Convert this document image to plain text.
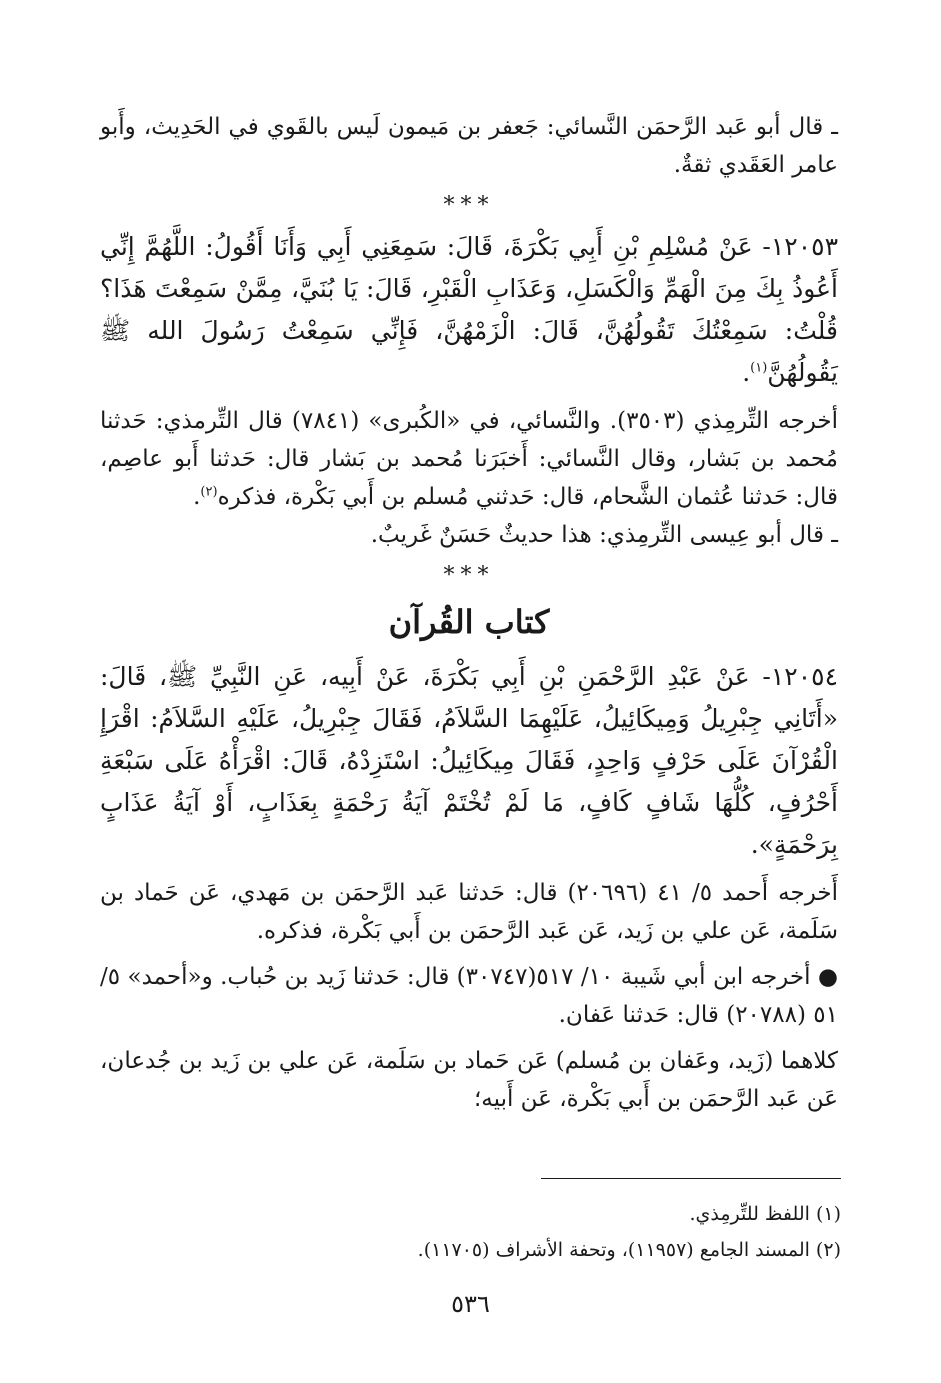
ـ قال أبو عَبد الرَّحمَن النَّسائي: جَعفر بن مَيمون لَيس بالقَوي في الحَدِيث، وأَبو عامر العَقَدي ثقةٌ.

***

١٢٠٥٣- عَنْ مُسْلِمِ بْنِ أَبِي بَكْرَةَ، قَالَ: سَمِعَنِي أَبِي وَأَنَا أَقُولُ: اللَّهُمَّ إِنِّي أَعُوذُ بِكَ مِنَ الْهَمِّ وَالْكَسَلِ، وَعَذَابِ الْقَبْرِ، قَالَ: يَا بُنَيَّ، مِمَّنْ سَمِعْتَ هَذَا؟ قُلْتُ: سَمِعْتُكَ تَقُولُهُنَّ، قَالَ: الْزَمْهُنَّ، فَإِنِّي سَمِعْتُ رَسُولَ الله ﷺ يَقُولُهُنَّ$^{(١)}$.

أخرجه التِّرمِذي (٣٥٠٣). والنَّسائي، في «الكُبرى» (٧٨٤١) قال التِّرمذي: حَدثنا مُحمد بن بَشار، وقال النَّسائي: أَخبَرَنا مُحمد بن بَشار قال: حَدثنا أَبو عاصِم، قال: حَدثنا عُثمان الشَّحام، قال: حَدثني مُسلم بن أَبي بَكْرة، فذكره$^{(٢)}$.

ـ قال أبو عِيسى التِّرمِذي: هذا حديثٌ حَسَنٌ غَريبٌ.

***
كتاب القُرآن

١٢٠٥٤- عَنْ عَبْدِ الرَّحْمَنِ بْنِ أَبِي بَكْرَةَ، عَنْ أَبِيه، عَنِ النَّبِيِّ ﷺ، قَالَ: «أَتَانِي جِبْرِيلُ وَمِيكَائِيلُ، عَلَيْهِمَا السَّلاَمُ، فَقَالَ جِبْرِيلُ، عَلَيْهِ السَّلاَمُ: اقْرَإِ الْقُرْآنَ عَلَى حَرْفٍ وَاحِدٍ، فَقَالَ مِيكَائِيلُ: اسْتَزِدْهُ، قَالَ: اقْرَأْهُ عَلَى سَبْعَةِ أَحْرُفٍ، كُلُّهَا شَافٍ كَافٍ، مَا لَمْ تُخْتَمْ آيَةُ رَحْمَةٍ بِعَذَابٍ، أَوْ آيَةُ عَذَابٍ بِرَحْمَةٍ».

أَخرجه أَحمد ٥/ ٤١ (٢٠٦٩٦) قال: حَدثنا عَبد الرَّحمَن بن مَهدي، عَن حَماد بن سَلَمة، عَن علي بن زَيد، عَن عَبد الرَّحمَن بن أَبي بَكْرة، فذكره.

● أخرجه ابن أبي شَيبة ١٠/ ٥١٧(٣٠٧٤٧) قال: حَدثنا زَيد بن حُباب. و«أحمد» ٥/ ٥١ (٢٠٧٨٨) قال: حَدثنا عَفان.

كلاهما (زَيد، وعَفان بن مُسلم) عَن حَماد بن سَلَمة، عَن علي بن زَيد بن جُدعان، عَن عَبد الرَّحمَن بن أَبي بَكْرة، عَن أَبيه؛

(١) اللفظ للتِّرمِذي.

(٢) المسند الجامع (١١٩٥٧)، وتحفة الأشراف (١١٧٠٥).

٥٣٦
